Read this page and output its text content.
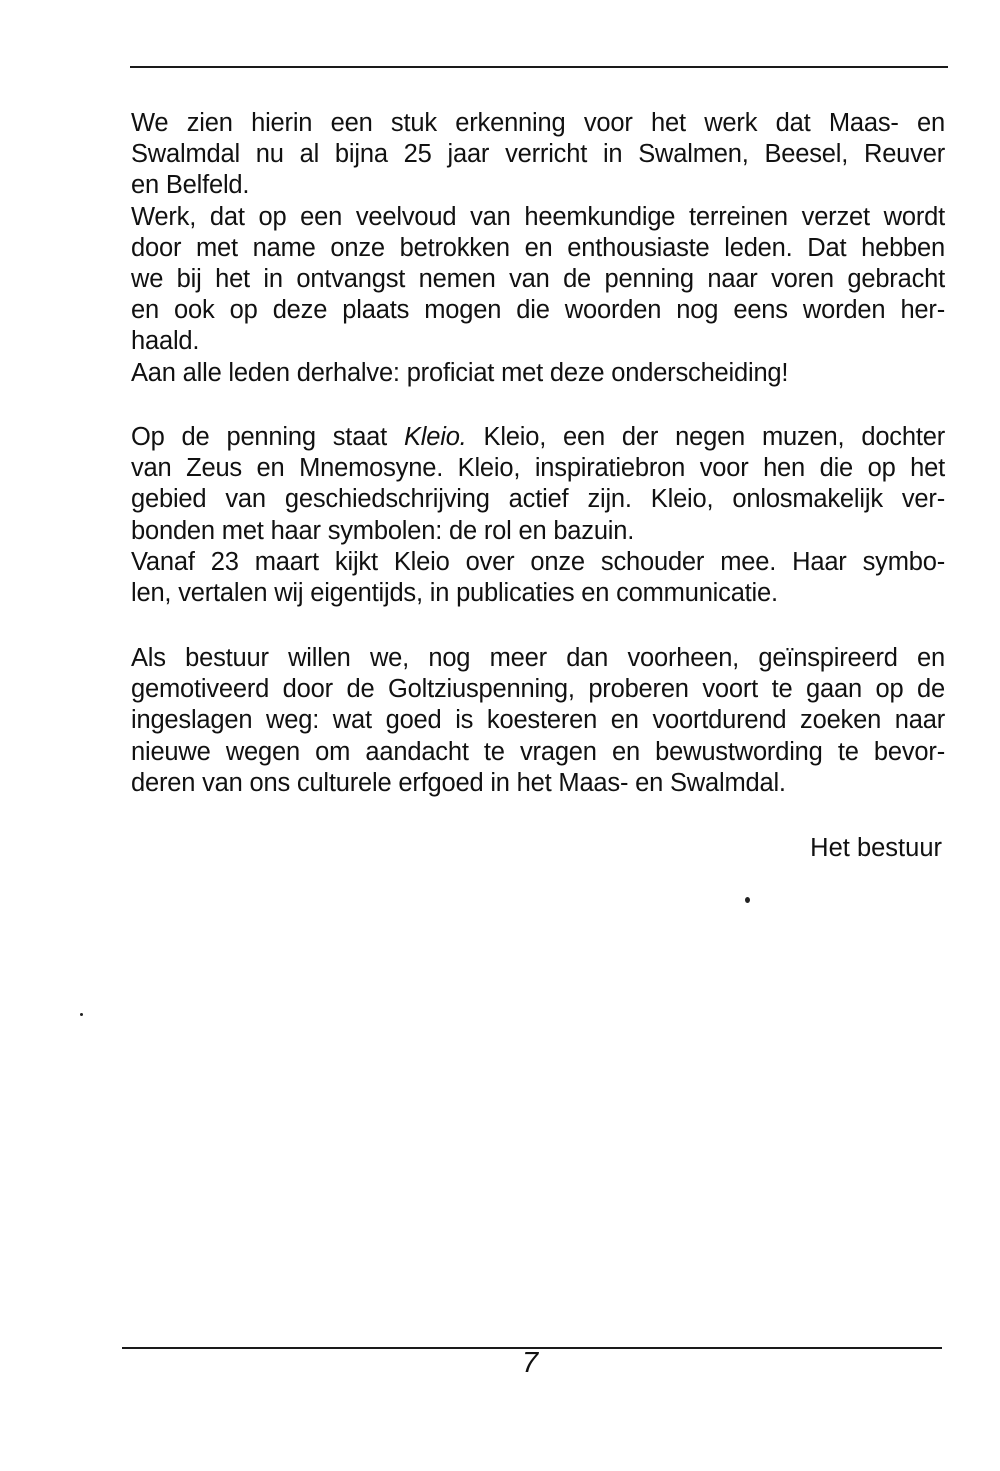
We zien hierin een stuk erkenning voor het werk dat Maas- en
Swalmdal nu al bijna 25 jaar verricht in Swalmen, Beesel, Reuver
en Belfeld.
Werk, dat op een veelvoud van heemkundige terreinen verzet wordt
door met name onze betrokken en enthousiaste leden. Dat hebben
we bij het in ontvangst nemen van de penning naar voren gebracht
en ook op deze plaats mogen die woorden nog eens worden her-
haald.
Aan alle leden derhalve: proficiat met deze onderscheiding!
Op de penning staat Kleio. Kleio, een der negen muzen, dochter
van Zeus en Mnemosyne. Kleio, inspiratiebron voor hen die op het
gebied van geschiedschrijving actief zijn. Kleio, onlosmakelijk ver-
bonden met haar symbolen: de rol en bazuin.
Vanaf 23 maart kijkt Kleio over onze schouder mee. Haar symbo-
len, vertalen wij eigentijds, in publicaties en communicatie.
Als bestuur willen we, nog meer dan voorheen, geïnspireerd en
gemotiveerd door de Goltziuspenning, proberen voort te gaan op de
ingeslagen weg: wat goed is koesteren en voortdurend zoeken naar
nieuwe wegen om aandacht te vragen en bewustwording te bevor-
deren van ons culturele erfgoed in het Maas- en Swalmdal.
Het bestuur
7
